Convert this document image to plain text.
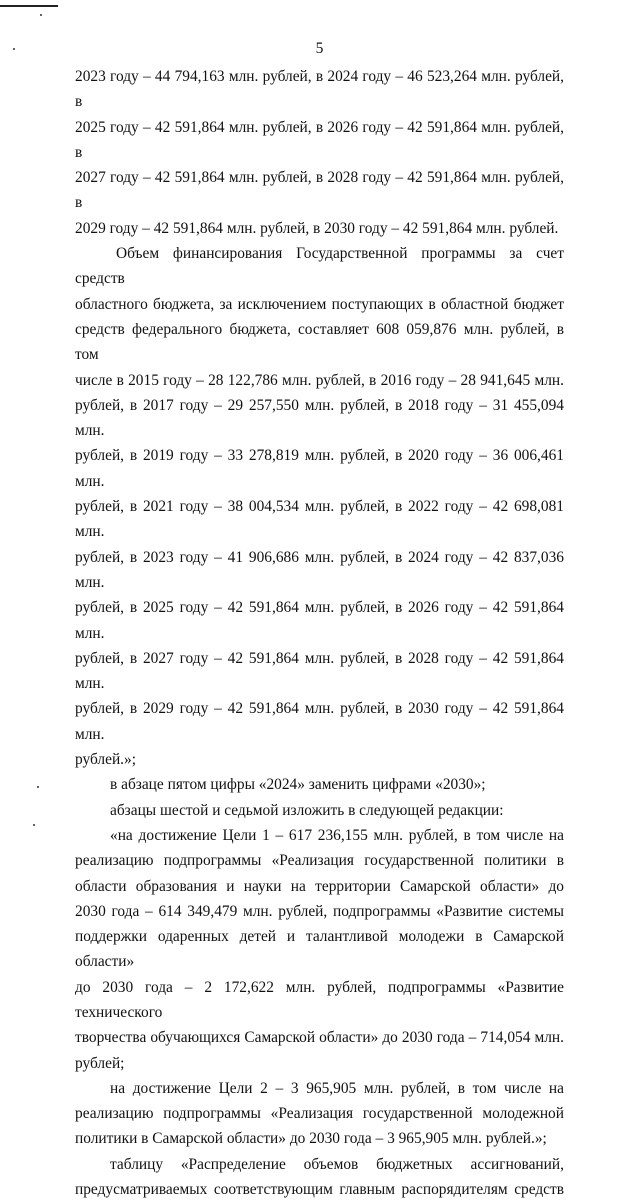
5

2023 году – 44 794,163 млн. рублей, в 2024 году – 46 523,264 млн. рублей, в

2025 году – 42 591,864 млн. рублей, в 2026 году – 42 591,864 млн. рублей, в

2027 году – 42 591,864 млн. рублей, в 2028 году – 42 591,864 млн. рублей, в

2029 году – 42 591,864 млн. рублей, в 2030 году – 42 591,864 млн. рублей.

Объем финансирования Государственной программы за счет средств

областного бюджета, за исключением поступающих в областной бюджет

средств федерального бюджета, составляет 608 059,876 млн. рублей, в том

числе в 2015 году – 28 122,786 млн. рублей, в 2016 году – 28 941,645 млн.

рублей, в 2017 году – 29 257,550 млн. рублей, в 2018 году – 31 455,094 млн.

рублей, в 2019 году – 33 278,819 млн. рублей, в 2020 году – 36 006,461 млн.

рублей, в 2021 году – 38 004,534 млн. рублей, в 2022 году – 42 698,081 млн.

рублей, в 2023 году – 41 906,686 млн. рублей, в 2024 году – 42 837,036 млн.

рублей, в 2025 году – 42 591,864 млн. рублей, в 2026 году – 42 591,864 млн.

рублей, в 2027 году – 42 591,864 млн. рублей, в 2028 году – 42 591,864 млн.

рублей, в 2029 году – 42 591,864 млн. рублей, в 2030 году – 42 591,864 млн.

рублей.»;

в абзаце пятом цифры «2024» заменить цифрами «2030»;

абзацы шестой и седьмой изложить в следующей редакции:

«на достижение Цели 1 – 617 236,155 млн. рублей, в том числе на

реализацию подпрограммы «Реализация государственной политики в

области образования и науки на территории Самарской области» до

2030 года – 614 349,479 млн. рублей, подпрограммы «Развитие системы

поддержки одаренных детей и талантливой молодежи в Самарской области»

до 2030 года – 2 172,622 млн. рублей, подпрограммы «Развитие технического

творчества обучающихся Самарской области» до 2030 года – 714,054 млн.

рублей;

на достижение Цели 2 – 3 965,905 млн. рублей, в том числе на

реализацию подпрограммы «Реализация государственной молодежной

политики в Самарской области» до 2030 года – 3 965,905 млн. рублей.»;

таблицу «Распределение объемов бюджетных ассигнований,

предусматриваемых соответствующим главным распорядителям средств
